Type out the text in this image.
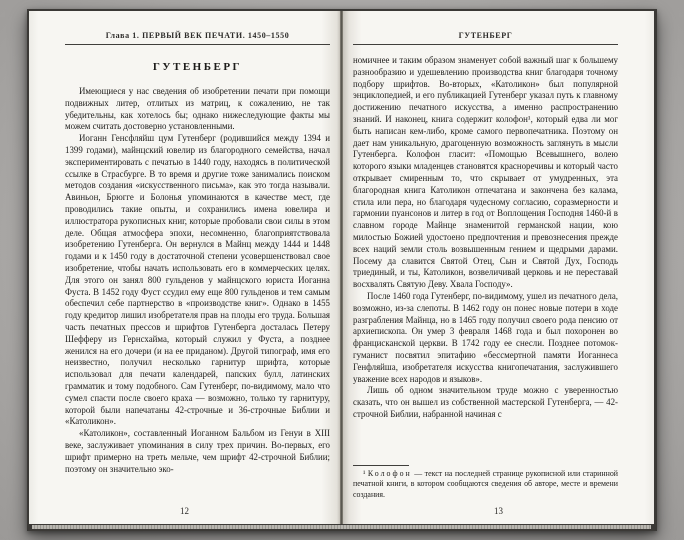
Глава 1. ПЕРВЫЙ ВЕК ПЕЧАТИ. 1450–1550
ГУТЕНБЕРГ

Имеющиеся у нас сведения об изобретении печати при помощи подвижных литер, отлитых из матриц, к сожалению, не так убедительны, как хотелось бы; однако нижеследующие факты мы можем считать достоверно установленными.

Иоганн Генсфляйш цум Гутенберг (родившийся между 1394 и 1399 годами), майнцский ювелир из благородного семейства, начал экспериментировать с печатью в 1440 году, находясь в политической ссылке в Страсбурге. В то время и другие тоже занимались поиском методов создания «искусственного письма», как это тогда называли. Авиньон, Брюгге и Болонья упоминаются в качестве мест, где проводились такие опыты, и сохранились имена ювелира и иллюстратора рукописных книг, которые пробовали свои силы в этом деле. Общая атмосфера эпохи, несомненно, благоприятствовала изобретению Гутенберга. Он вернулся в Майнц между 1444 и 1448 годами и к 1450 году в достаточной степени усовершенствовал свое изобретение, чтобы начать использовать его в коммерческих целях. Для этого он занял 800 гульденов у майнцского юриста Иоганна Фуста. В 1452 году Фуст ссудил ему еще 800 гульденов и тем самым обеспечил себе партнерство в «производстве книг». Однако в 1455 году кредитор лишил изобретателя прав на плоды его труда. Большая часть печатных прессов и шрифтов Гутенберга досталась Петеру Шефферу из Гернсхайма, который служил у Фуста, а позднее женился на его дочери (и на ее приданом). Другой типограф, имя его неизвестно, получил несколько гарнитур шрифта, которые использовал для печати календарей, папских булл, латинских грамматик и тому подобного. Сам Гутенберг, по-видимому, мало что сумел спасти после своего краха — возможно, только ту гарнитуру, которой были напечатаны 42-строчные и 36-строчные Библии и «Католикон».

«Католикон», составленный Иоганном Бальбом из Генуи в XIII веке, заслуживает упоминания в силу трех причин. Во-первых, его шрифт примерно на треть мельче, чем шрифт 42-строчной Библии; поэтому он значительно эко-

12
ГУТЕНБЕРГ

номичнее и таким образом знаменует собой важный шаг к большему разнообразию и удешевлению производства книг благодаря точному подбору шрифтов. Во-вторых, «Католикон» был популярной энциклопедией, и его публикацией Гутенберг указал путь к главному достижению печатного искусства, а именно распространению знаний. И наконец, книга содержит колофон¹, который едва ли мог быть написан кем-либо, кроме самого первопечатника. Поэтому он дает нам уникальную, драгоценную возможность заглянуть в мысли Гутенберга. Колофон гласит: «Помощью Всевышнего, волею которого языки младенцев становятся красноречивы и который часто открывает смиренным то, что скрывает от умудренных, эта благородная книга Католикон отпечатана и закончена без калама, стила или пера, но благодаря чудесному согласию, соразмерности и гармонии пуансонов и литер в год от Воплощения Господня 1460-й в славном городе Майнце знаменитой германской нации, кою милостью Божией удостоено предпочтения и превознесения прежде всех наций земли столь возвышенным гением и щедрыми дарами. Посему да славится Святой Отец, Сын и Святой Дух, Господь триединый, и ты, Католикон, возвеличивай церковь и не переставай восхвалять Святую Деву. Хвала Господу».

После 1460 года Гутенберг, по-видимому, ушел из печатного дела, возможно, из-за слепоты. В 1462 году он понес новые потери в ходе разграбления Майнца, но в 1465 году получил своего рода пенсию от архиепископа. Он умер 3 февраля 1468 года и был похоронен во францисканской церкви. В 1742 году ее снесли. Позднее потомок-гуманист посвятил эпитафию «бессмертной памяти Иоганнеса Генфляйша, изобретателя искусства книгопечатания, заслужившего уважение всех народов и языков».

Лишь об одном значительном труде можно с уверенностью сказать, что он вышел из собственной мастерской Гутенберга, — 42-строчной Библии, набранной начиная с

¹ Колофон — текст на последней странице рукописной или старинной печатной книги, в котором сообщаются сведения об авторе, месте и времени создания.

13
